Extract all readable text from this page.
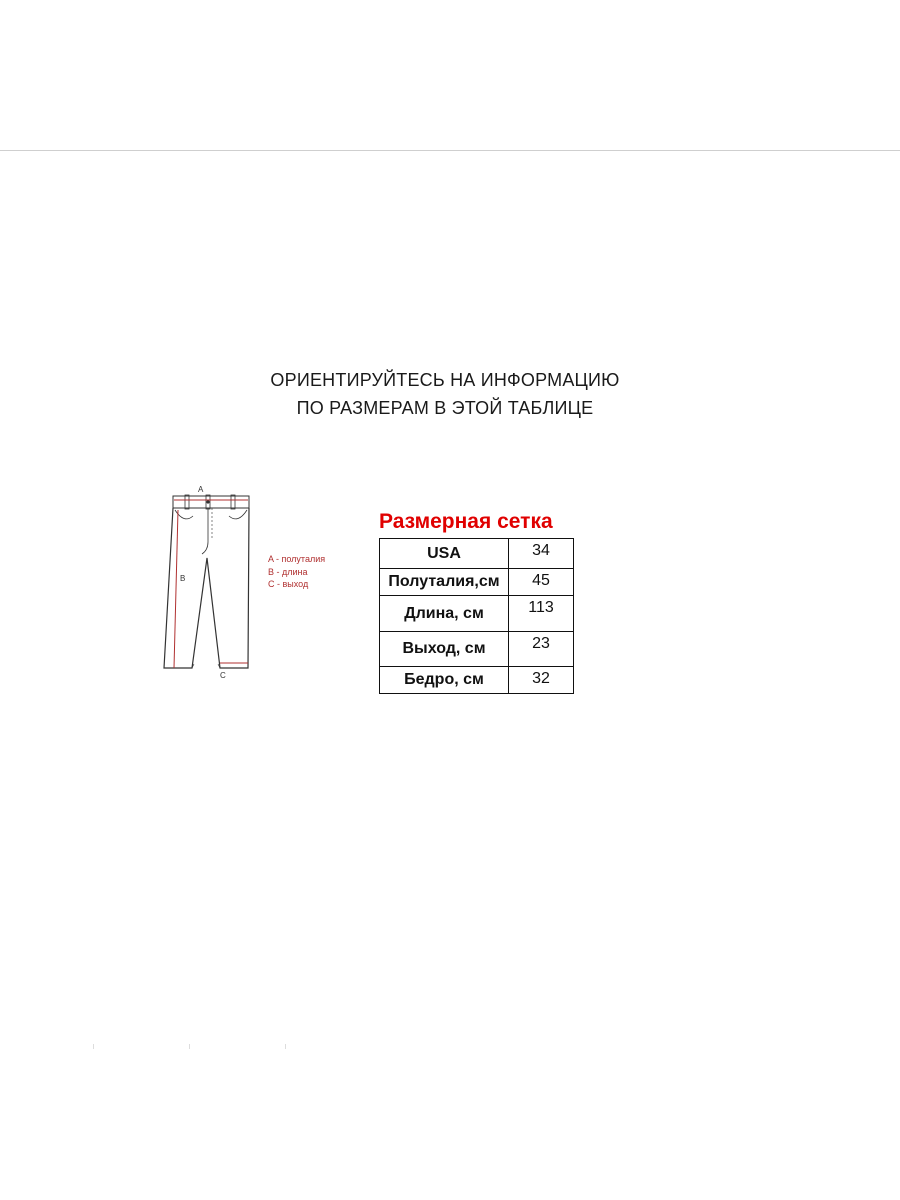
ОРИЕНТИРУЙТЕСЬ НА ИНФОРМАЦИЮ
ПО РАЗМЕРАМ В ЭТОЙ ТАБЛИЦЕ
A
B
C
A - полуталия
B - длина
C - выход
Размерная сетка
USA	34
Полуталия,см	45
Длина, см	113
Выход, см	23
Бедро, см	32
